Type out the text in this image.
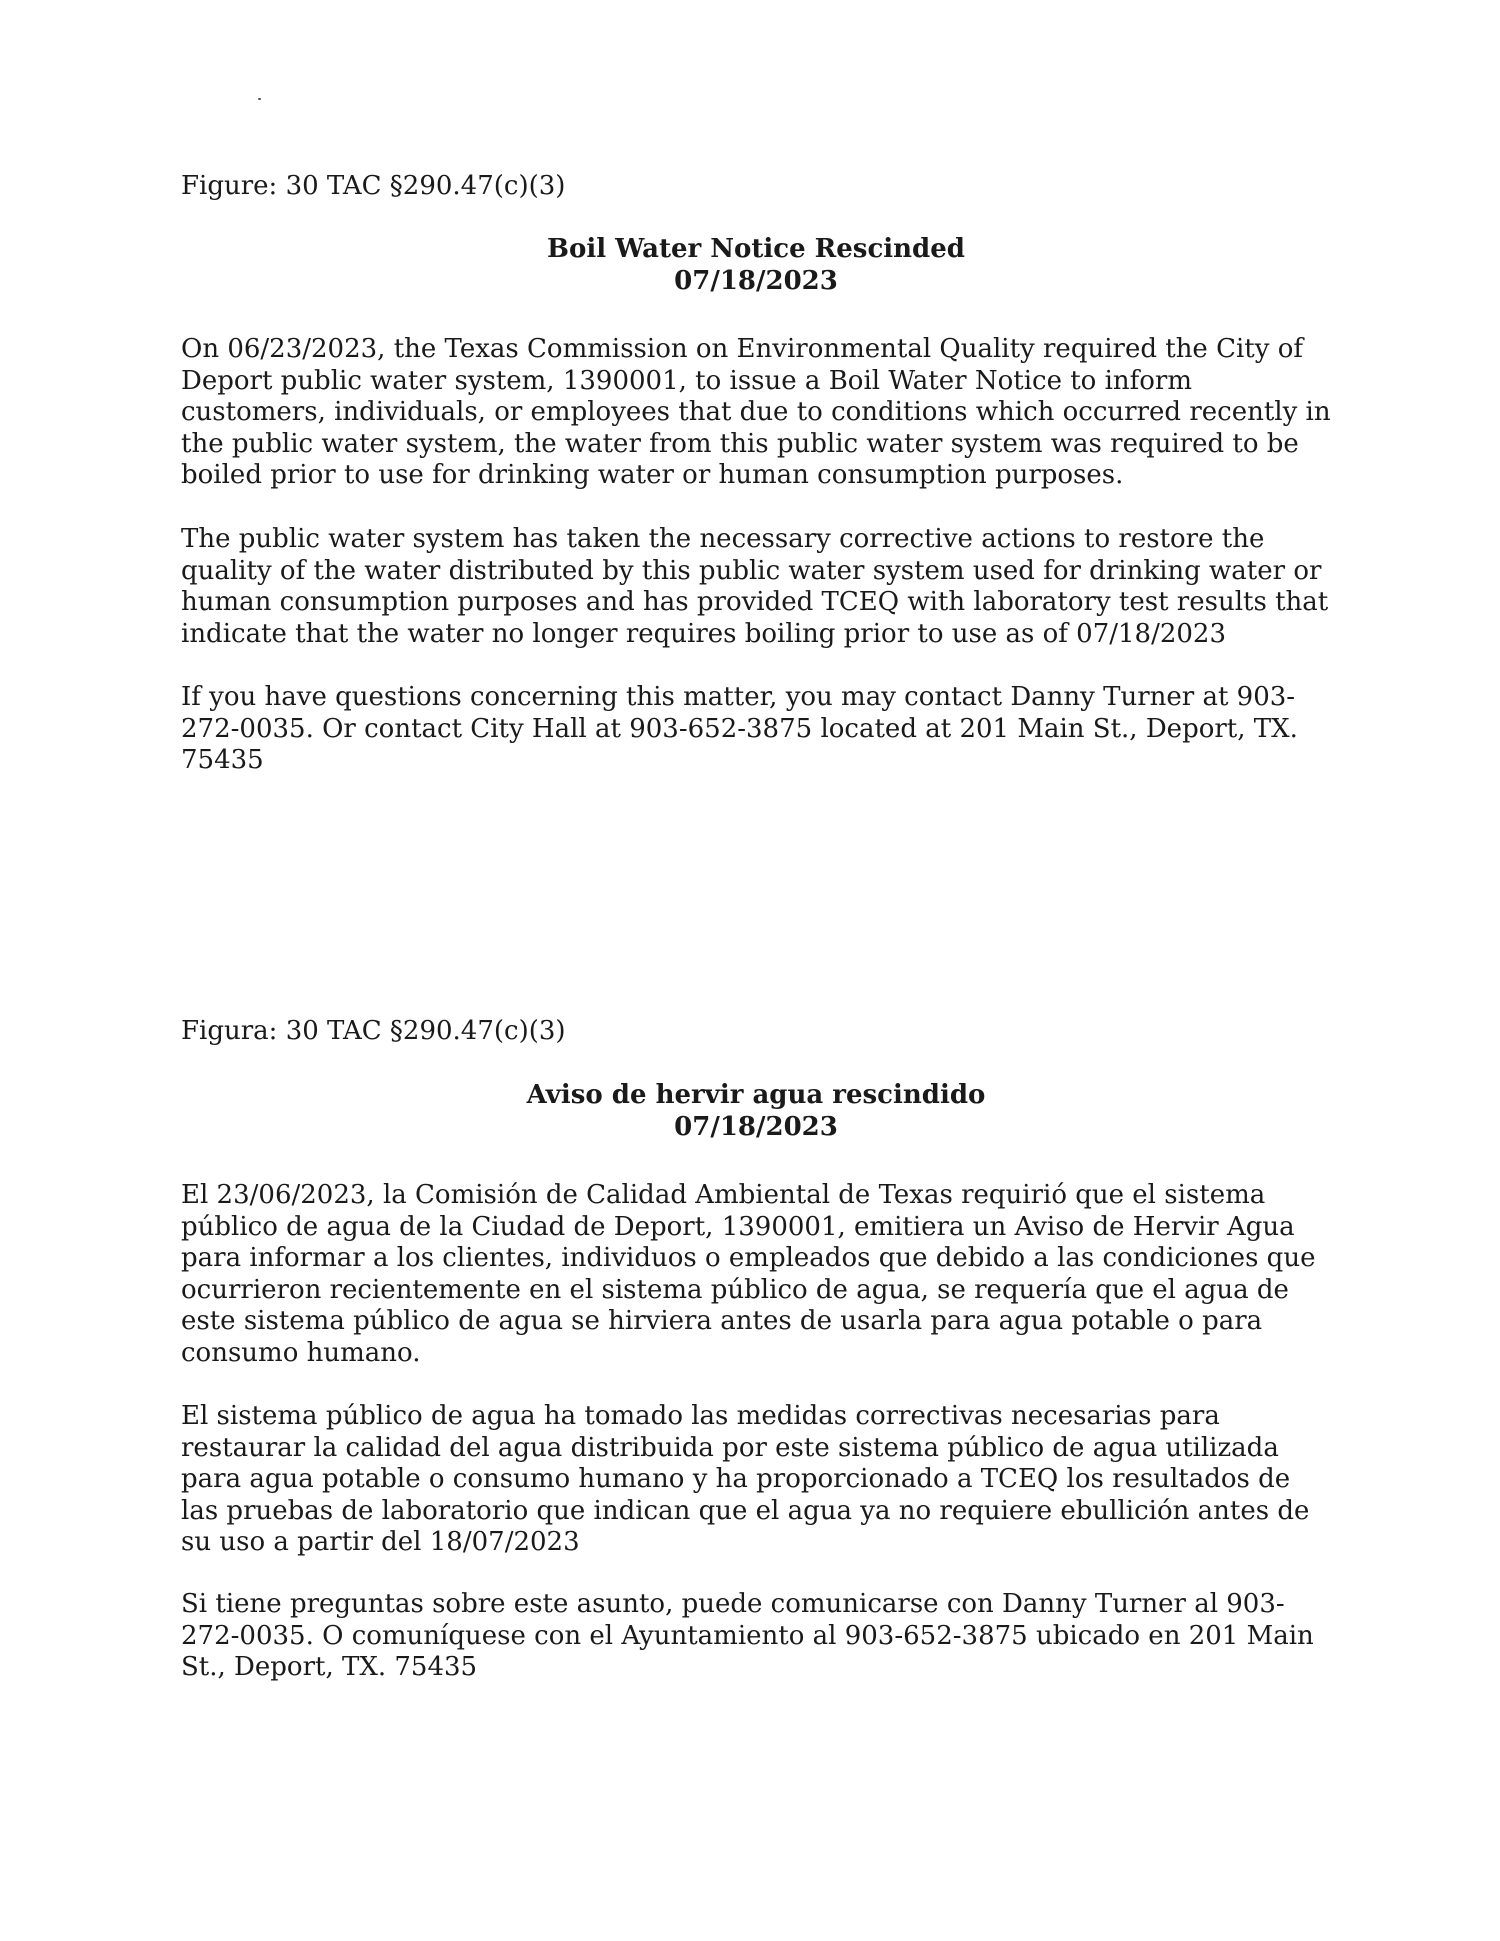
Figure: 30 TAC §290.47(c)(3)

Boil Water Notice Rescinded

07/18/2023

On 06/23/2023, the Texas Commission on Environmental Quality required the City of Deport public water system, 1390001, to issue a Boil Water Notice to inform customers, individuals, or employees that due to conditions which occurred recently in the public water system, the water from this public water system was required to be boiled prior to use for drinking water or human consumption purposes.

The public water system has taken the necessary corrective actions to restore the quality of the water distributed by this public water system used for drinking water or human consumption purposes and has provided TCEQ with laboratory test results that indicate that the water no longer requires boiling prior to use as of 07/18/2023

If you have questions concerning this matter, you may contact Danny Turner at 903-272-0035. Or contact City Hall at 903-652-3875 located at 201 Main St., Deport, TX. 75435

Figura: 30 TAC §290.47(c)(3)

Aviso de hervir agua rescindido

07/18/2023

El 23/06/2023, la Comisión de Calidad Ambiental de Texas requirió que el sistema público de agua de la Ciudad de Deport, 1390001, emitiera un Aviso de Hervir Agua para informar a los clientes, individuos o empleados que debido a las condiciones que ocurrieron recientemente en el sistema público de agua, se requería que el agua de este sistema público de agua se hirviera antes de usarla para agua potable o para consumo humano.

El sistema público de agua ha tomado las medidas correctivas necesarias para restaurar la calidad del agua distribuida por este sistema público de agua utilizada para agua potable o consumo humano y ha proporcionado a TCEQ los resultados de las pruebas de laboratorio que indican que el agua ya no requiere ebullición antes de su uso a partir del 18/07/2023

Si tiene preguntas sobre este asunto, puede comunicarse con Danny Turner al 903-272-0035. O comuníquese con el Ayuntamiento al 903-652-3875 ubicado en 201 Main St., Deport, TX. 75435
